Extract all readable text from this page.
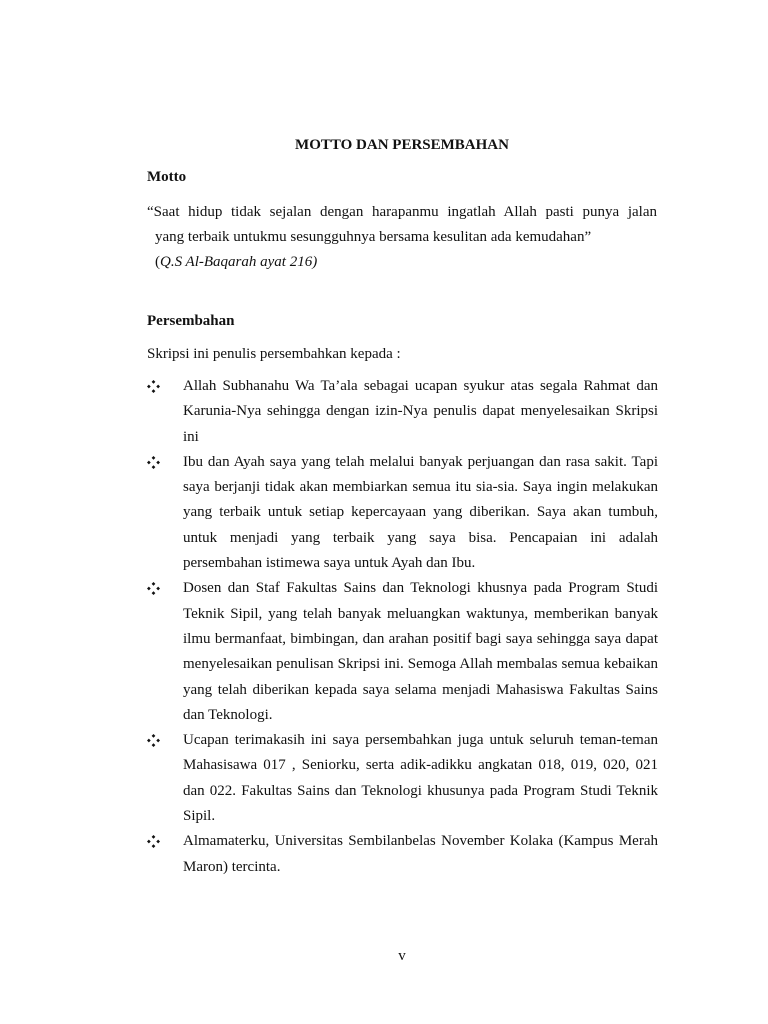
MOTTO DAN PERSEMBAHAN
Motto
“Saat hidup tidak sejalan dengan harapanmu ingatlah Allah pasti punya jalan
yang terbaik untukmu sesungguhnya bersama kesulitan ada kemudahan”
(Q.S Al-Baqarah ayat 216)
Persembahan
Skripsi ini penulis persembahkan kepada :
Allah Subhanahu Wa Ta’ala sebagai ucapan syukur atas segala Rahmat dan Karunia-Nya sehingga dengan izin-Nya penulis dapat menyelesaikan Skripsi ini
Ibu dan Ayah saya yang telah melalui banyak perjuangan dan rasa sakit. Tapi saya berjanji tidak akan membiarkan semua itu sia-sia. Saya ingin melakukan yang terbaik untuk setiap kepercayaan yang diberikan. Saya akan tumbuh, untuk menjadi yang terbaik yang saya bisa. Pencapaian ini adalah persembahan istimewa saya untuk Ayah dan Ibu.
Dosen dan Staf Fakultas Sains dan Teknologi khusnya pada Program Studi Teknik Sipil, yang telah banyak meluangkan waktunya, memberikan banyak ilmu bermanfaat, bimbingan, dan arahan positif bagi saya sehingga saya dapat menyelesaikan penulisan Skripsi ini. Semoga Allah membalas semua kebaikan yang telah diberikan kepada saya selama menjadi Mahasiswa Fakultas Sains dan Teknologi.
Ucapan terimakasih ini saya persembahkan juga untuk seluruh teman-teman Mahasisawa 017 , Seniorku, serta adik-adikku angkatan 018, 019, 020, 021 dan 022. Fakultas Sains dan Teknologi khusunya pada Program Studi Teknik Sipil.
Almamaterku, Universitas Sembilanbelas November Kolaka (Kampus Merah Maron) tercinta.
v
